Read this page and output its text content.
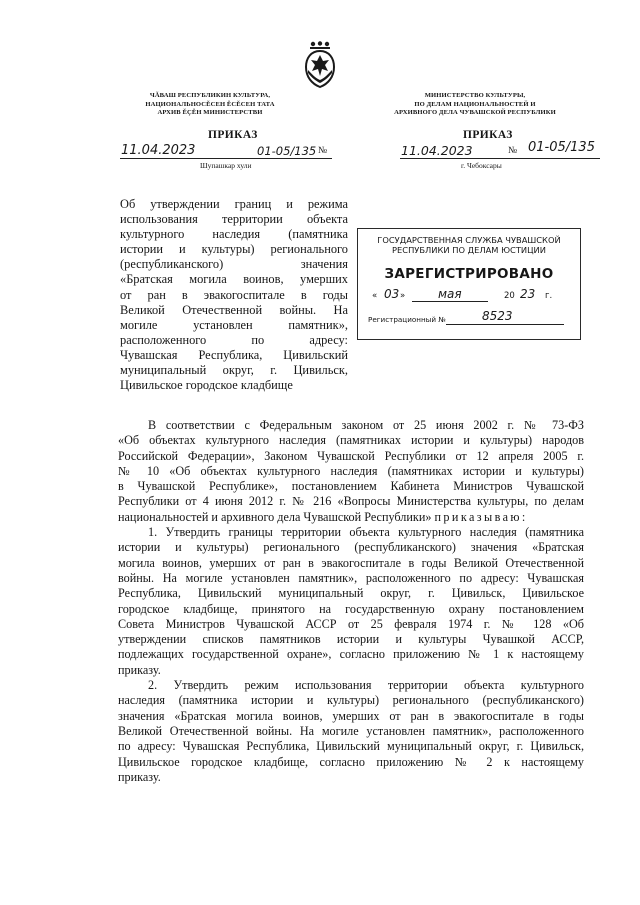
ЧĂВАШ РЕСПУБЛИКИН КУЛЬТУРА,
НАЦИОНАЛЬНОСĔСЕН ĔСĔСЕН ТАТА
АРХИВ ĔÇĔН МИНИСТЕРСТВИ
МИНИСТЕРСТВО КУЛЬТУРЫ,
ПО ДЕЛАМ НАЦИОНАЛЬНОСТЕЙ И
АРХИВНОГО ДЕЛА ЧУВАШСКОЙ РЕСПУБЛИКИ
ПРИКАЗ	ПРИКАЗ
11.04.2023	01-05/135 №	11.04.2023	№ 01-05/135
Шупашкар хули	г. Чебоксары
Об утверждении границ и режима
использования территории объекта
культурного наследия (памятника
истории и культуры) регионального
(республиканского) значения
«Братская могила воинов, умерших
от ран в эвакогоспитале в годы
Великой Отечественной войны. На
могиле установлен памятник»,
расположенного по адресу:
Чувашская Республика, Цивильский
муниципальный округ, г. Цивильск,
Цивильское городское кладбище
ГОСУДАРСТВЕННАЯ СЛУЖБА ЧУВАШСКОЙ
РЕСПУБЛИКИ ПО ДЕЛАМ ЮСТИЦИИ
ЗАРЕГИСТРИРОВАНО
« 03 »	мая	20 23 г.
Регистрационный №	8523
В соответствии с Федеральным законом от 25 июня 2002 г. № 73-ФЗ
«Об объектах культурного наследия (памятниках истории и культуры) народов
Российской Федерации», Законом Чувашской Республики от 12 апреля 2005 г.
№ 10 «Об объектах культурного наследия (памятниках истории и культуры)
в Чувашской Республике», постановлением Кабинета Министров Чувашской
Республики от 4 июня 2012 г. № 216 «Вопросы Министерства культуры, по делам
национальностей и архивного дела Чувашской Республики» приказываю:
1. Утвердить границы территории объекта культурного наследия (памятника
истории и культуры) регионального (республиканского) значения «Братская
могила воинов, умерших от ран в эвакогоспитале в годы Великой Отечественной
войны. На могиле установлен памятник», расположенного по адресу: Чувашская
Республика, Цивильский муниципальный округ, г. Цивильск, Цивильское
городское кладбище, принятого на государственную охрану постановлением
Совета Министров Чувашской АССР от 25 февраля 1974 г. № 128 «Об
утверждении списков памятников истории и культуры Чувашкой АССР,
подлежащих государственной охране», согласно приложению № 1 к настоящему
приказу.
2. Утвердить режим использования территории объекта культурного
наследия (памятника истории и культуры) регионального (республиканского)
значения «Братская могила воинов, умерших от ран в эвакогоспитале в годы
Великой Отечественной войны. На могиле установлен памятник», расположенного
по адресу: Чувашская Республика, Цивильский муниципальный округ, г. Цивильск,
Цивильское городское кладбище, согласно приложению № 2 к настоящему
приказу.
